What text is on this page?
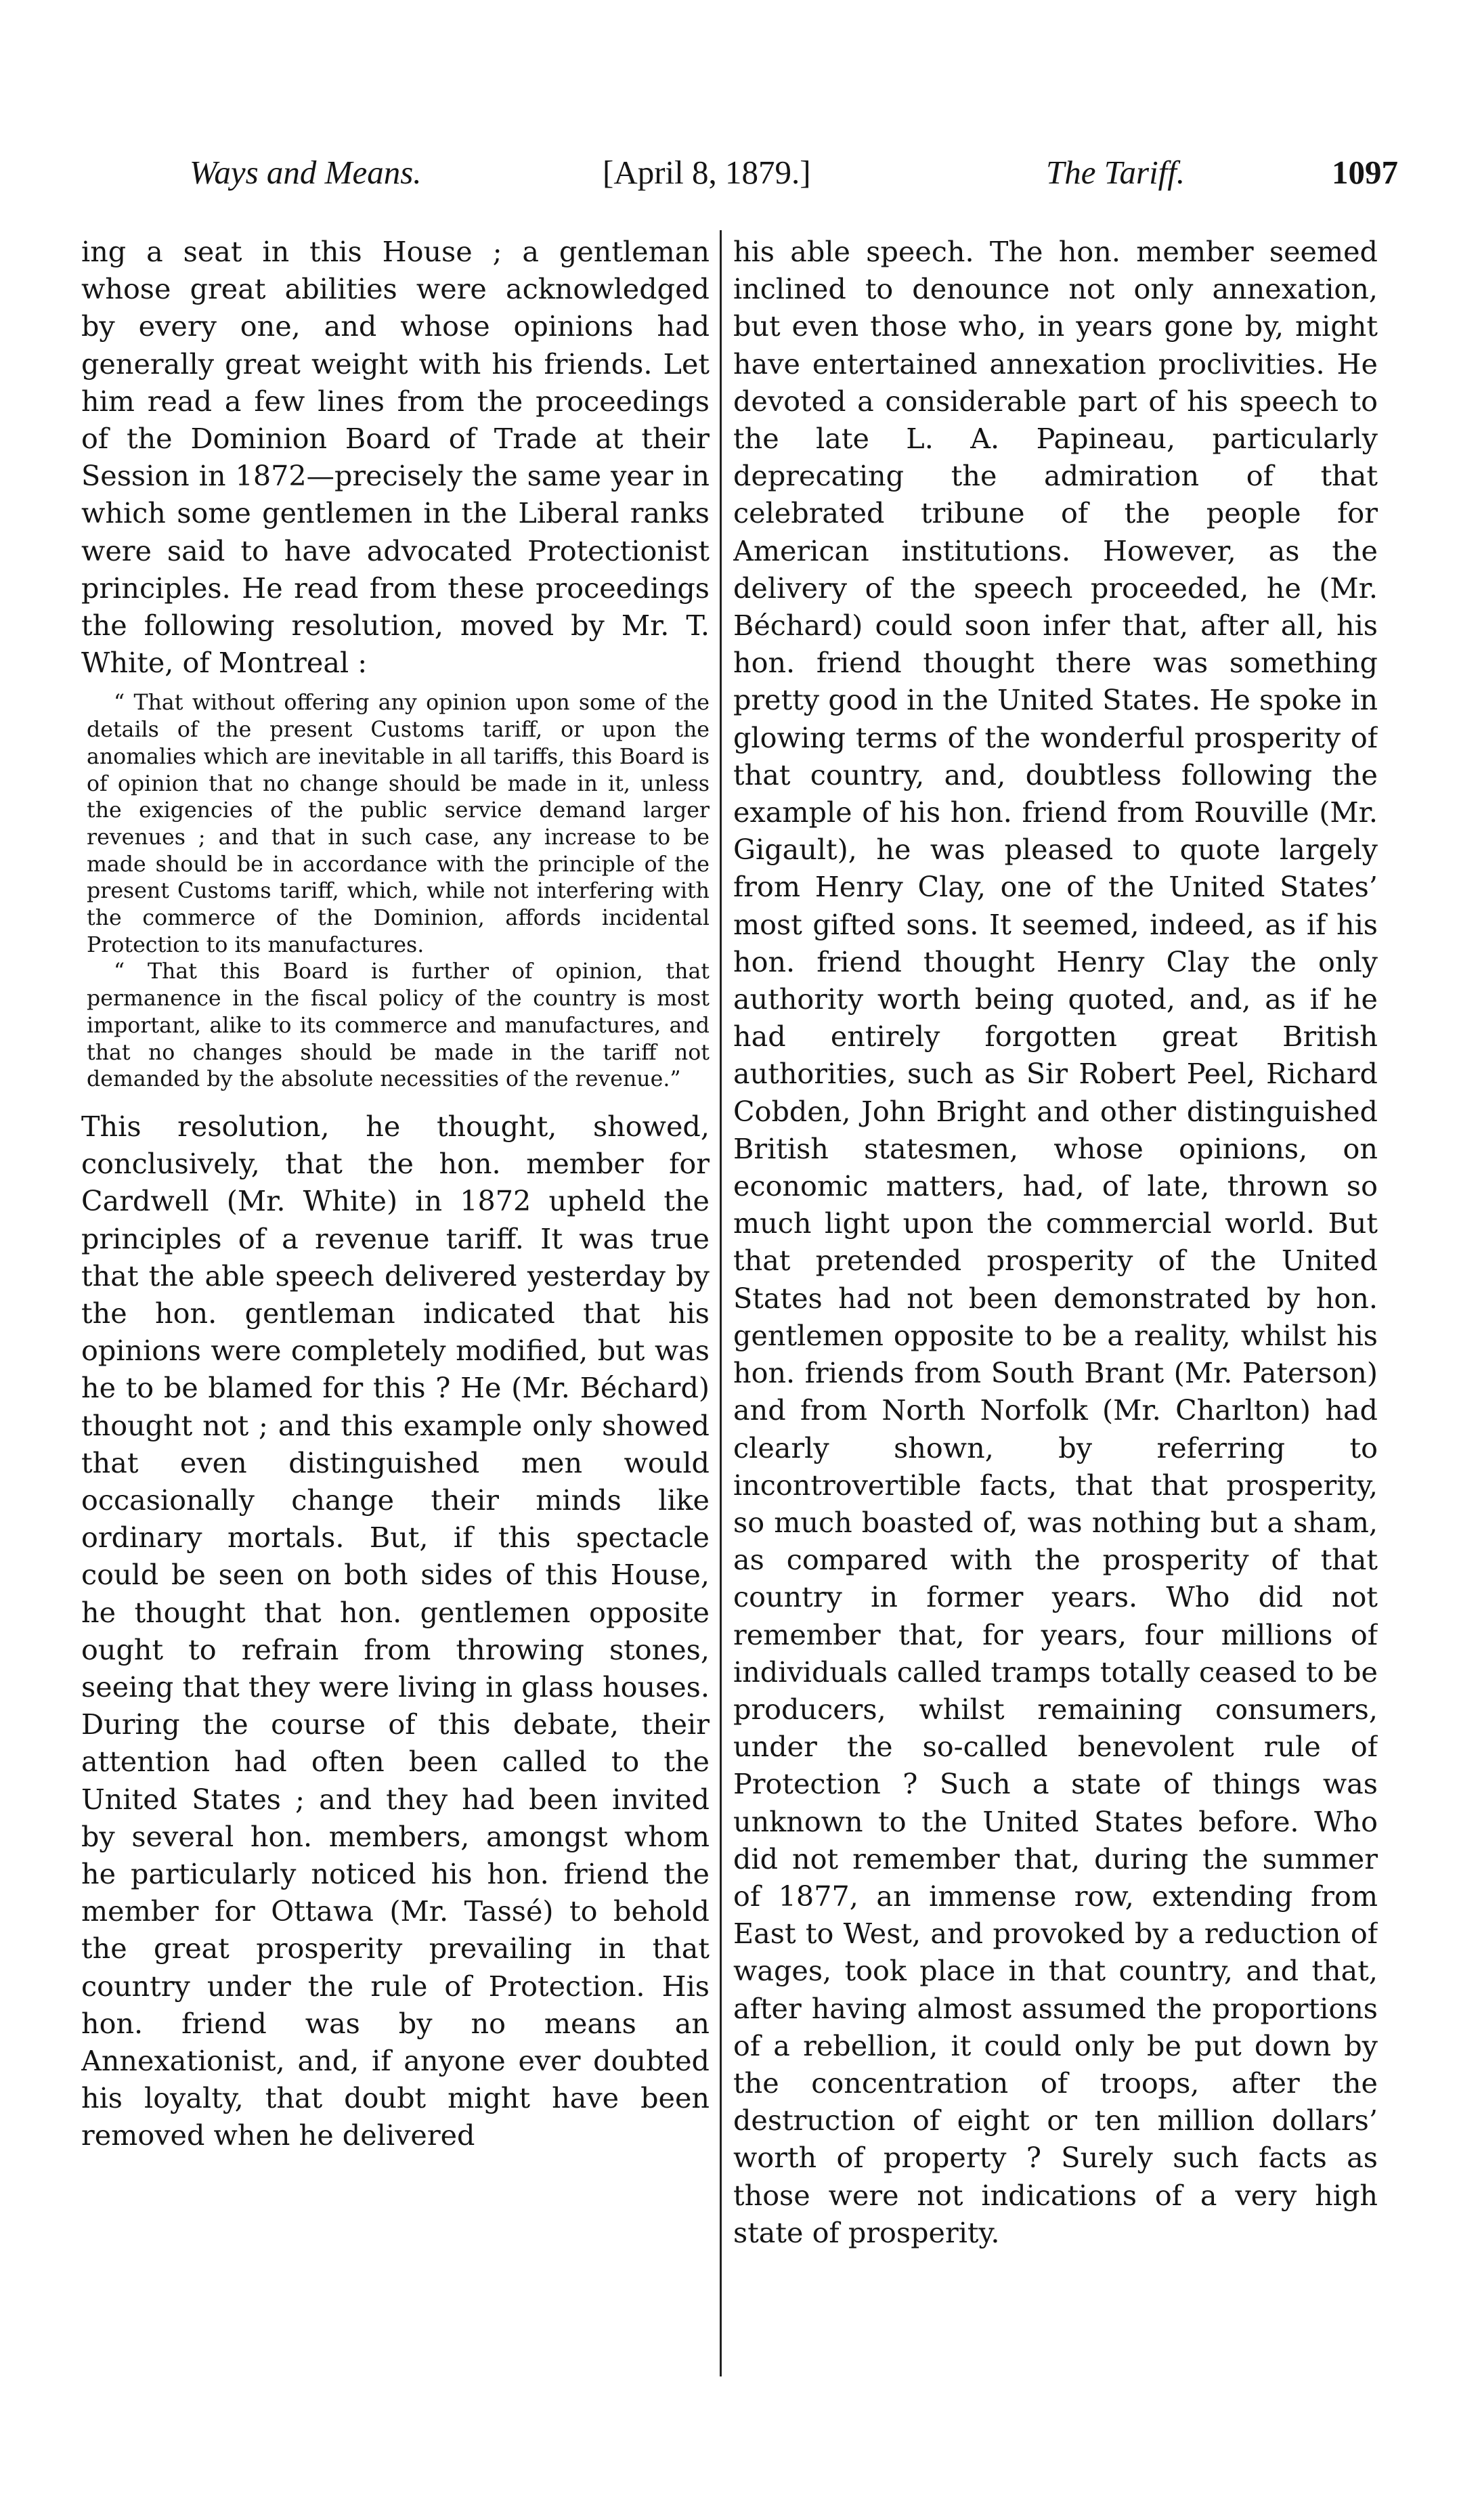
Ways and Means.	[April 8, 1879.]	The Tariff.	1097

ing a seat in this House ; a gentleman whose great abilities were acknowledged by every one, and whose opinions had generally great weight with his friends. Let him read a few lines from the proceedings of the Dominion Board of Trade at their Session in 1872—precisely the same year in which some gentlemen in the Liberal ranks were said to have advocated Protectionist principles. He read from these proceedings the following resolution, moved by Mr. T. White, of Montreal :

“ That without offering any opinion upon some of the details of the present Customs tariff, or upon the anomalies which are inevitable in all tariffs, this Board is of opinion that no change should be made in it, unless the exigencies of the public service demand larger revenues ; and that in such case, any increase to be made should be in accordance with the principle of the present Customs tariff, which, while not interfering with the commerce of the Dominion, affords incidental Protection to its manufactures.

“ That this Board is further of opinion, that permanence in the fiscal policy of the country is most important, alike to its commerce and manufactures, and that no changes should be made in the tariff not demanded by the absolute necessities of the revenue.”

This resolution, he thought, showed, conclusively, that the hon. member for Cardwell (Mr. White) in 1872 upheld the principles of a revenue tariff. It was true that the able speech delivered yesterday by the hon. gentleman indicated that his opinions were completely modified, but was he to be blamed for this ? He (Mr. Béchard) thought not ; and this example only showed that even distinguished men would occasionally change their minds like ordinary mortals. But, if this spectacle could be seen on both sides of this House, he thought that hon. gentlemen opposite ought to refrain from throwing stones, seeing that they were living in glass houses. During the course of this debate, their attention had often been called to the United States ; and they had been invited by several hon. members, amongst whom he particularly noticed his hon. friend the member for Ottawa (Mr. Tassé) to behold the great prosperity prevailing in that country under the rule of Protection. His hon. friend was by no means an Annexationist, and, if anyone ever doubted his loyalty, that doubt might have been removed when he delivered

his able speech. The hon. member seemed inclined to denounce not only annexation, but even those who, in years gone by, might have entertained annexation proclivities. He devoted a considerable part of his speech to the late L. A. Papineau, particularly deprecating the admiration of that celebrated tribune of the people for American institutions. However, as the delivery of the speech proceeded, he (Mr. Béchard) could soon infer that, after all, his hon. friend thought there was something pretty good in the United States. He spoke in glowing terms of the wonderful prosperity of that country, and, doubtless following the example of his hon. friend from Rouville (Mr. Gigault), he was pleased to quote largely from Henry Clay, one of the United States’ most gifted sons. It seemed, indeed, as if his hon. friend thought Henry Clay the only authority worth being quoted, and, as if he had entirely forgotten great British authorities, such as Sir Robert Peel, Richard Cobden, John Bright and other distinguished British statesmen, whose opinions, on economic matters, had, of late, thrown so much light upon the commercial world. But that pretended prosperity of the United States had not been demonstrated by hon. gentlemen opposite to be a reality, whilst his hon. friends from South Brant (Mr. Paterson) and from North Norfolk (Mr. Charlton) had clearly shown, by referring to incontrovertible facts, that that prosperity, so much boasted of, was nothing but a sham, as compared with the prosperity of that country in former years. Who did not remember that, for years, four millions of individuals called tramps totally ceased to be producers, whilst remaining consumers, under the so-called benevolent rule of Protection ? Such a state of things was unknown to the United States before. Who did not remember that, during the summer of 1877, an immense row, extending from East to West, and provoked by a reduction of wages, took place in that country, and that, after having almost assumed the proportions of a rebellion, it could only be put down by the concentration of troops, after the destruction of eight or ten million dollars’ worth of property ? Surely such facts as those were not indications of a very high state of prosperity.
